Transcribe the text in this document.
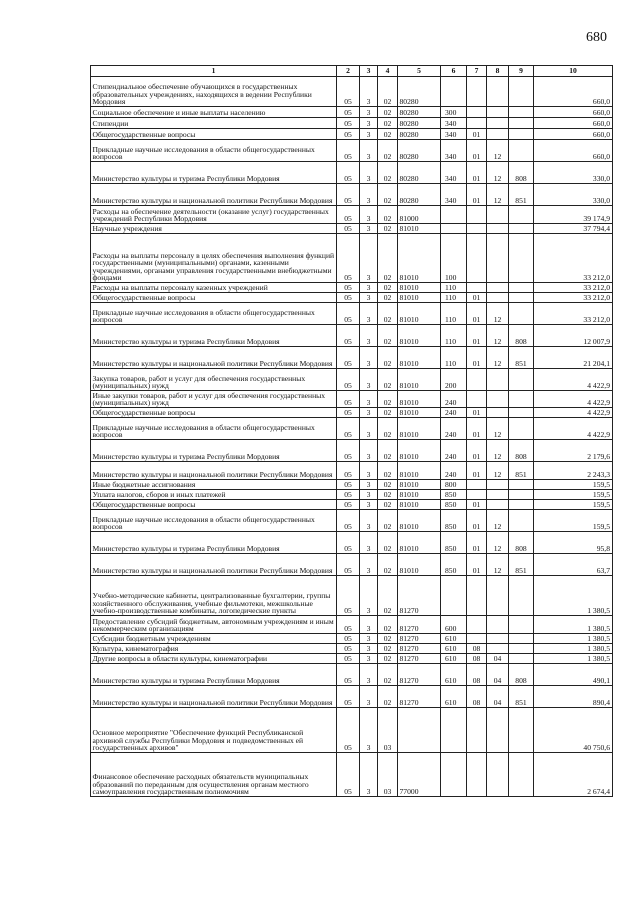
680
1	2	3	4	5	6	7	8	9	10
Стипендиальное обеспечение обучающихся в государственных образовательных учреждениях, находящихся в ведении Республики Мордовия	05	3	02	80280					660,0
Социальное обеспечение и иные выплаты населению	05	3	02	80280	300				660,0
Стипендии	05	3	02	80280	340				660,0
Общегосударственные вопросы	05	3	02	80280	340	01			660,0
Прикладные научные исследования в области общегосударственных вопросов	05	3	02	80280	340	01	12		660,0
Министерство культуры и туризма Республики Мордовия	05	3	02	80280	340	01	12	808	330,0
Министерство культуры и национальной политики Республики Мордовия	05	3	02	80280	340	01	12	851	330,0
Расходы на обеспечение деятельности (оказание услуг) государственных учреждений Республики Мордовия	05	3	02	81000					39 174,9
Научные учреждения	05	3	02	81010					37 794,4
Расходы на выплаты персоналу в целях обеспечения выполнения функций государственными (муниципальными) органами, казенными учреждениями, органами управления государственными внебюджетными фондами	05	3	02	81010	100				33 212,0
Расходы на выплаты персоналу казенных учреждений	05	3	02	81010	110				33 212,0
Общегосударственные вопросы	05	3	02	81010	110	01			33 212,0
Прикладные научные исследования в области общегосударственных вопросов	05	3	02	81010	110	01	12		33 212,0
Министерство культуры и туризма Республики Мордовия	05	3	02	81010	110	01	12	808	12 007,9
Министерство культуры и национальной политики Республики Мордовия	05	3	02	81010	110	01	12	851	21 204,1
Закупка товаров, работ и услуг для обеспечения государственных (муниципальных) нужд	05	3	02	81010	200				4 422,9
Иные закупки товаров, работ и услуг для обеспечения государственных (муниципальных) нужд	05	3	02	81010	240				4 422,9
Общегосударственные вопросы	05	3	02	81010	240	01			4 422,9
Прикладные научные исследования в области общегосударственных вопросов	05	3	02	81010	240	01	12		4 422,9
Министерство культуры и туризма Республики Мордовия	05	3	02	81010	240	01	12	808	2 179,6
Министерство культуры и национальной политики Республики Мордовия	05	3	02	81010	240	01	12	851	2 243,3
Иные бюджетные ассигнования	05	3	02	81010	800				159,5
Уплата налогов, сборов и иных платежей	05	3	02	81010	850				159,5
Общегосударственные вопросы	05	3	02	81010	850	01			159,5
Прикладные научные исследования в области общегосударственных вопросов	05	3	02	81010	850	01	12		159,5
Министерство культуры и туризма Республики Мордовия	05	3	02	81010	850	01	12	808	95,8
Министерство культуры и национальной политики Республики Мордовия	05	3	02	81010	850	01	12	851	63,7
Учебно-методические кабинеты, централизованные бухгалтерии, группы хозяйственного обслуживания, учебные фильмотеки, межшкольные учебно-производственные комбинаты, логопедические пункты	05	3	02	81270					1 380,5
Предоставление субсидий бюджетным, автономным учреждениям и иным некоммерческим организациям	05	3	02	81270	600				1 380,5
Субсидии бюджетным учреждениям	05	3	02	81270	610				1 380,5
Культура, кинематография	05	3	02	81270	610	08			1 380,5
Другие вопросы в области культуры, кинематографии	05	3	02	81270	610	08	04		1 380,5
Министерство культуры и туризма Республики Мордовия	05	3	02	81270	610	08	04	808	490,1
Министерство культуры и национальной политики Республики Мордовия	05	3	02	81270	610	08	04	851	890,4
Основное мероприятие "Обеспечение функций Республиканской архивной службы Республики Мордовия и подведомственных ей государственных архивов"	05	3	03						40 750,6
Финансовое обеспечение расходных обязательств муниципальных образований по переданным для осуществления органам местного самоуправления государственным полномочиям	05	3	03	77000					2 674,4
